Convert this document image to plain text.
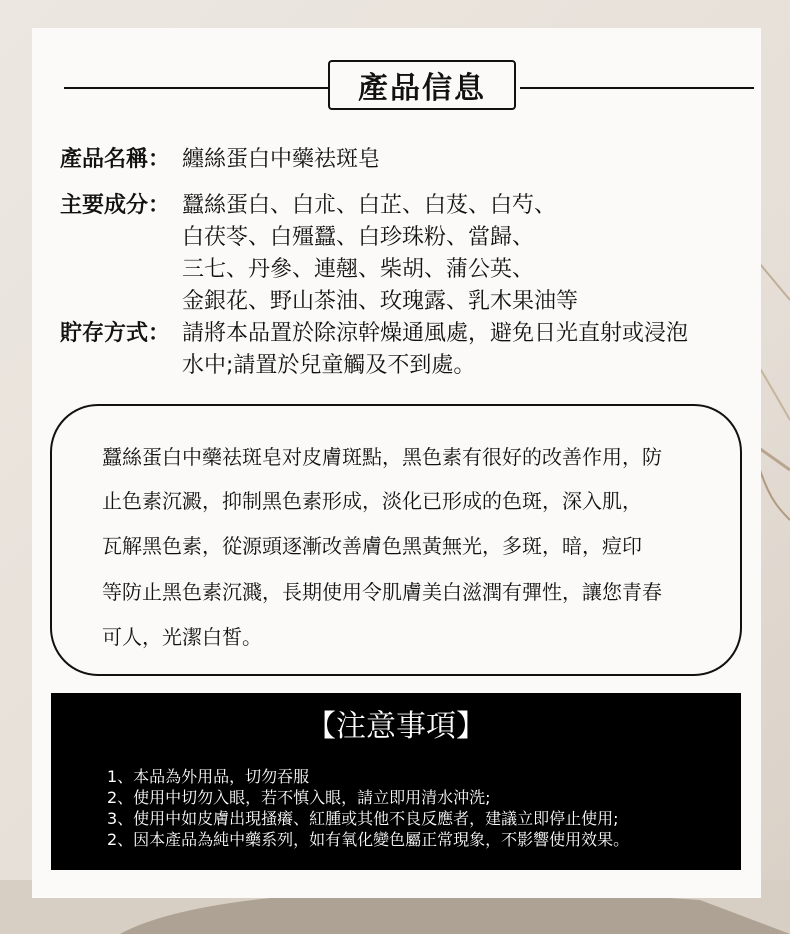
產品信息
產品名稱： 纏絲蛋白中藥祛斑皂
主要成分： 蠶絲蛋白、白朮、白芷、白芨、白芍、
白茯苓、白殭蠶、白珍珠粉、當歸、
三七、丹參、連翹、柴胡、蒲公英、
金銀花、野山茶油、玫瑰露、乳木果油等
貯存方式： 請將本品置於除涼幹燥通風處，避免日光直射或浸泡
水中;請置於兒童觸及不到處。
蠶絲蛋白中藥祛斑皂对皮膚斑點，黑色素有很好的改善作用，防
止色素沉澱，抑制黑色素形成，淡化已形成的色斑，深入肌，
瓦解黑色素，從源頭逐漸改善膚色黑黃無光，多斑，暗，痘印
等防止黑色素沉濺，長期使用令肌膚美白滋潤有彈性，讓您青春
可人，光潔白皙。
【注意事項】
1、本品為外用品，切勿吞服
2、使用中切勿入眼，若不慎入眼，請立即用清水沖洗;
3、使用中如皮膚出現搔癢、紅腫或其他不良反應者，建議立即停止使用;
2、因本產品為純中藥系列，如有氧化變色屬正常現象，不影響使用效果。
